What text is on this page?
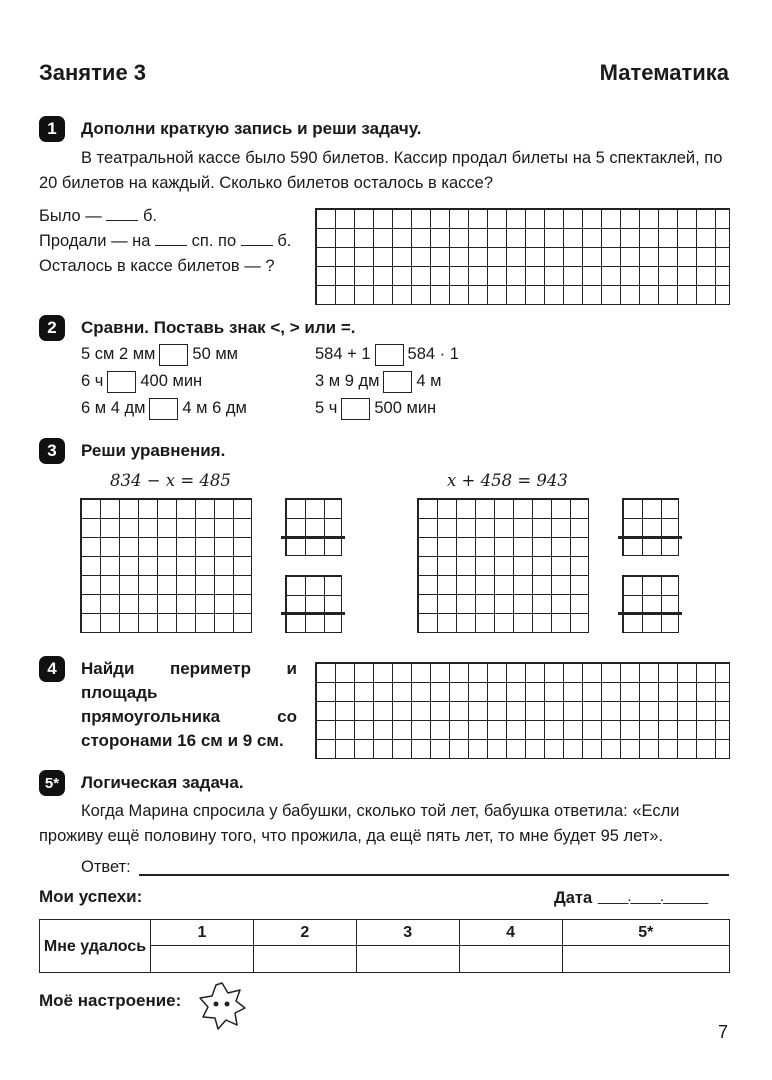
Занятие 3	Математика
1	Дополни краткую запись и реши задачу.
В театральной кассе было 590 билетов. Кассир продал билеты на 5 спектаклей, по 20 билетов на каждый. Сколько билетов осталось в кассе?
Было — б.
Продали — на сп. по б.
Осталось в кассе билетов — ?
2	Сравни. Поставь знак <, > или =.
5 см 2 мм 50 мм
6 ч 400 мин
6 м 4 дм 4 м 6 дм
584 + 1 584 · 1
3 м 9 дм 4 м
5 ч 500 мин
3	Реши уравнения.
834 − x = 485	x + 458 = 943
4	Найди периметр и площадь прямоугольника со сторонами 16 см и 9 см.
5*	Логическая задача.
Когда Марина спросила у бабушки, сколько той лет, бабушка ответила: «Если проживу ещё половину того, что прожила, да ещё пять лет, то мне будет 95 лет».
Ответ:
Мои успехи:	Дата ____.____.______
Мне удалось	1	2	3	4	5*

Моё настроение:
7
